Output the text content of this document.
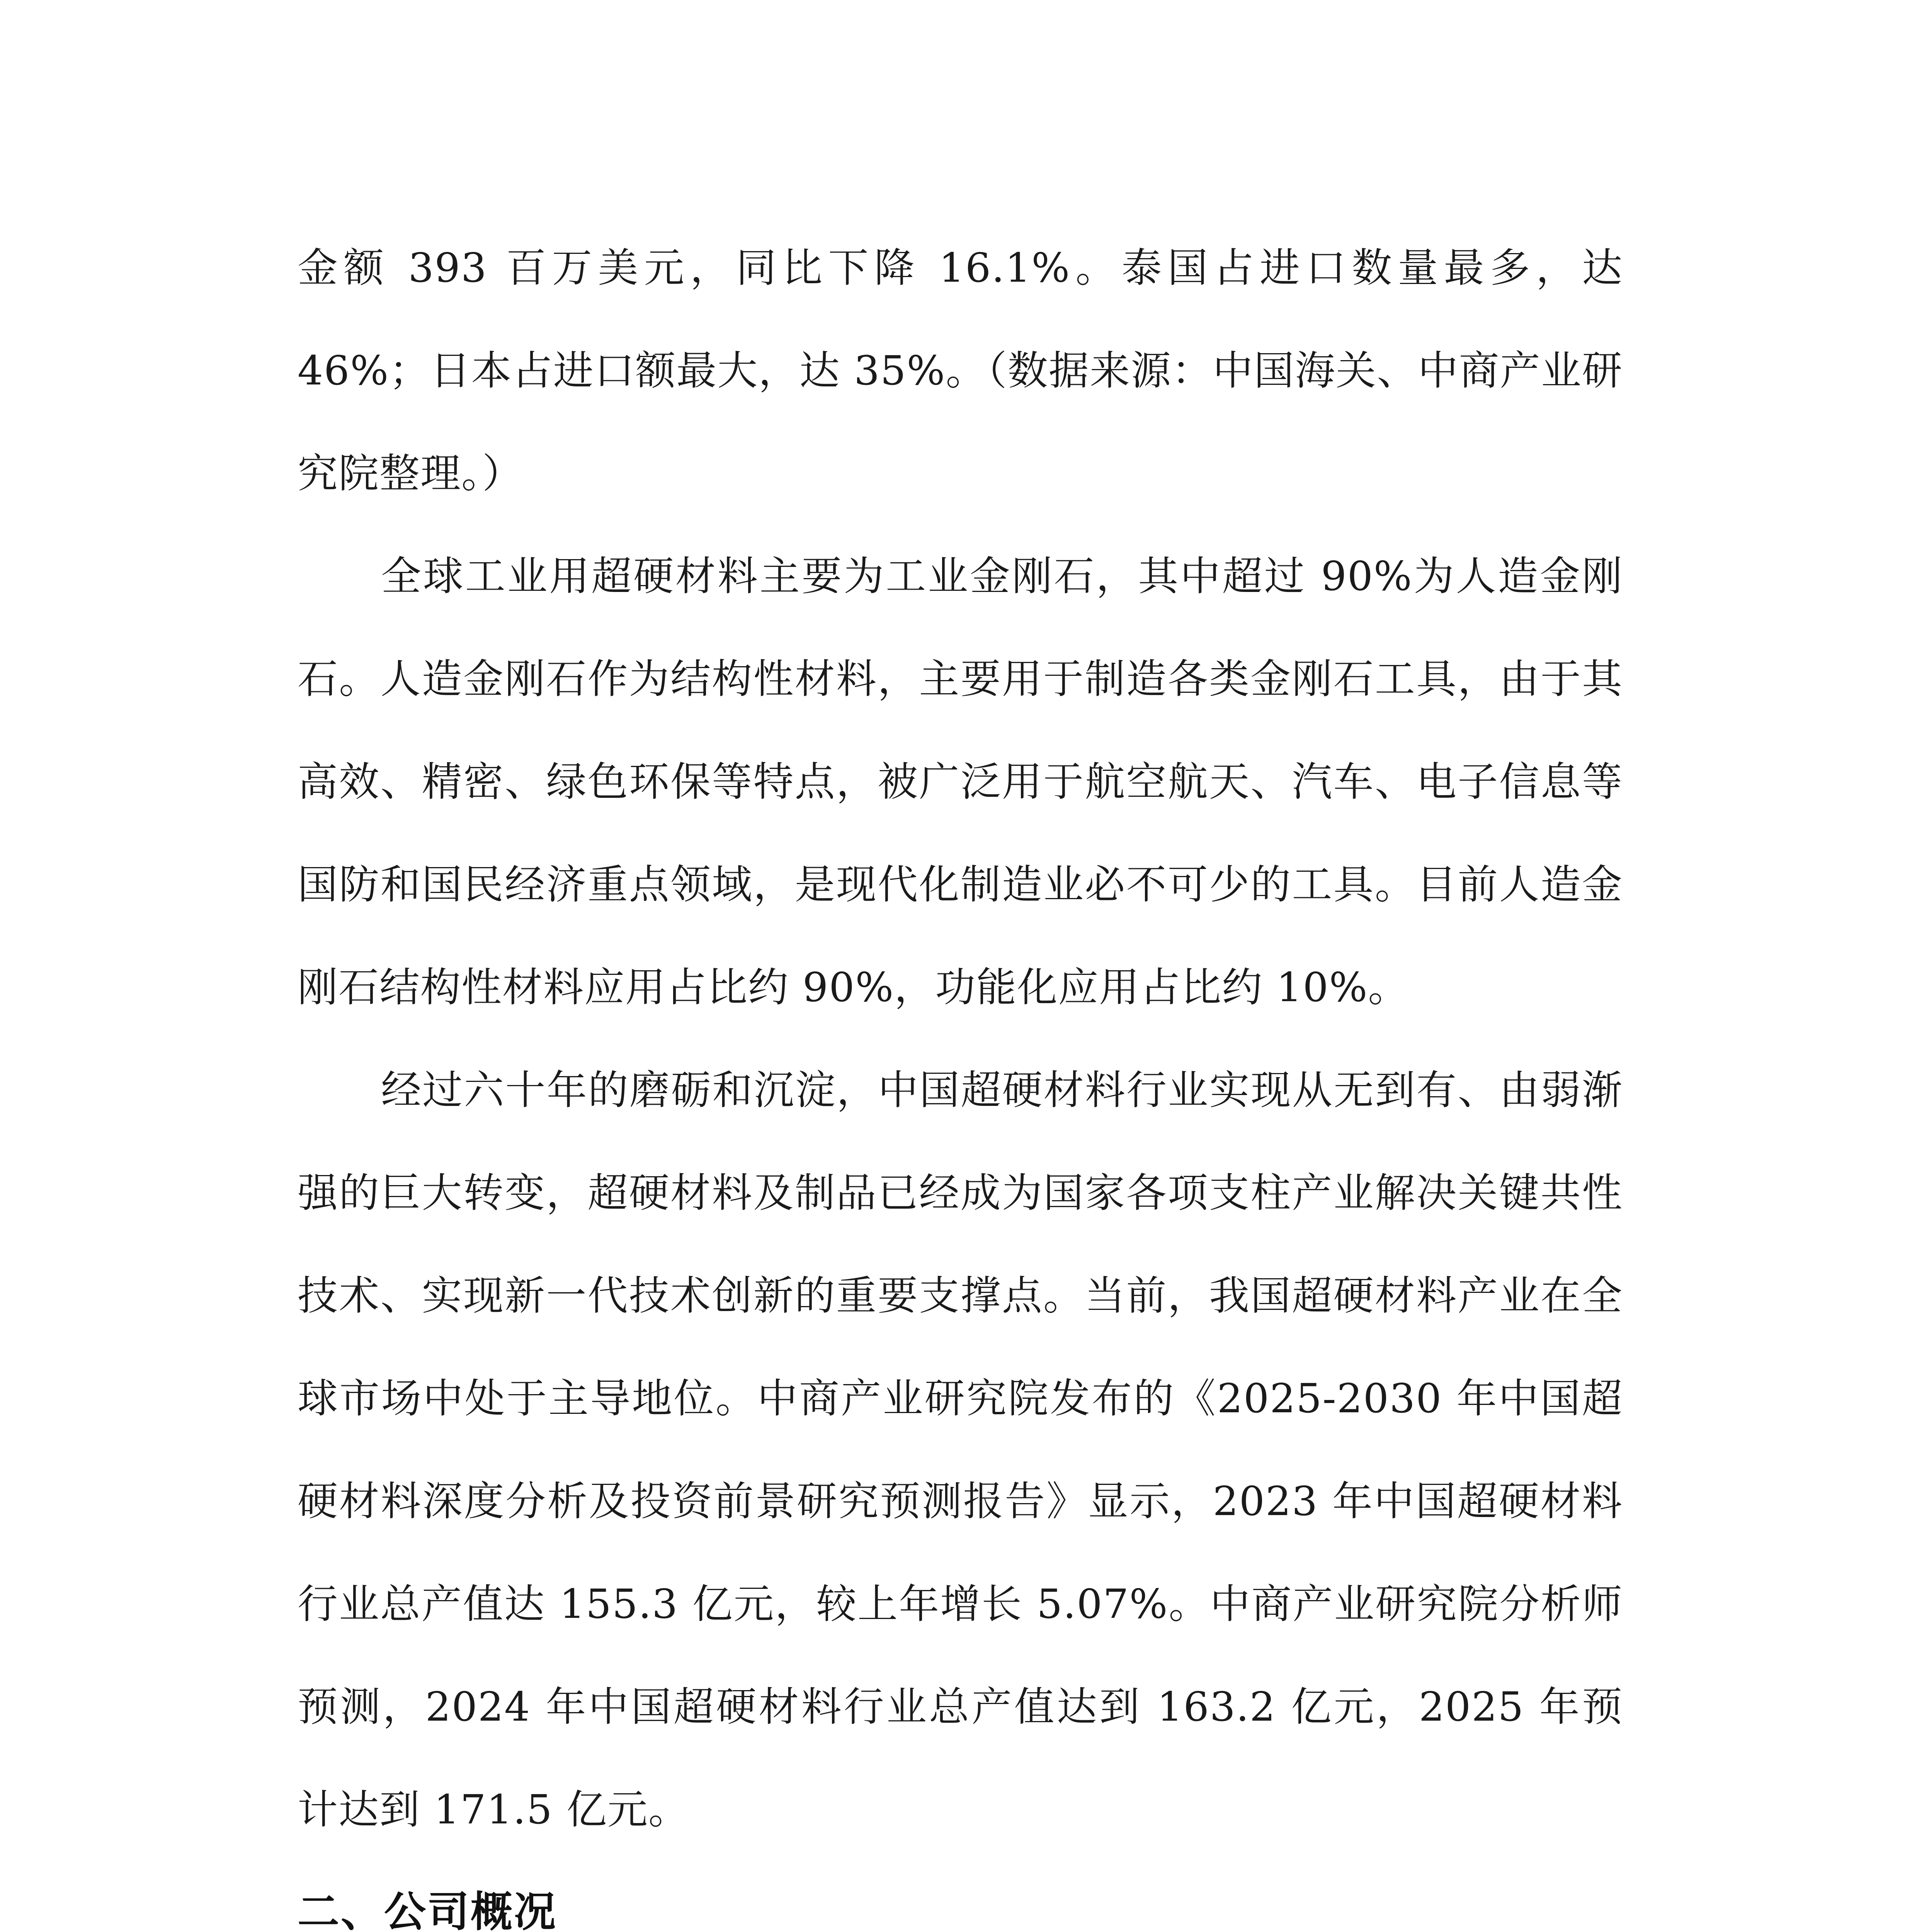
金额 393 百万美元，同比下降 16.1%。泰国占进口数量最多，达 46%；日本占进口额最大，达 35%。（数据来源：中国海关、中商产业研究院整理。）

全球工业用超硬材料主要为工业金刚石，其中超过 90%为人造金刚石。人造金刚石作为结构性材料，主要用于制造各类金刚石工具，由于其高效、精密、绿色环保等特点，被广泛用于航空航天、汽车、电子信息等国防和国民经济重点领域，是现代化制造业必不可少的工具。目前人造金刚石结构性材料应用占比约 90%，功能化应用占比约 10%。

经过六十年的磨砺和沉淀，中国超硬材料行业实现从无到有、由弱渐强的巨大转变，超硬材料及制品已经成为国家各项支柱产业解决关键共性技术、实现新一代技术创新的重要支撑点。当前，我国超硬材料产业在全球市场中处于主导地位。中商产业研究院发布的《2025-2030 年中国超硬材料深度分析及投资前景研究预测报告》显示，2023 年中国超硬材料行业总产值达 155.3 亿元，较上年增长 5.07%。中商产业研究院分析师预测，2024 年中国超硬材料行业总产值达到 163.2 亿元，2025 年预计达到 171.5 亿元。

二、公司概况
